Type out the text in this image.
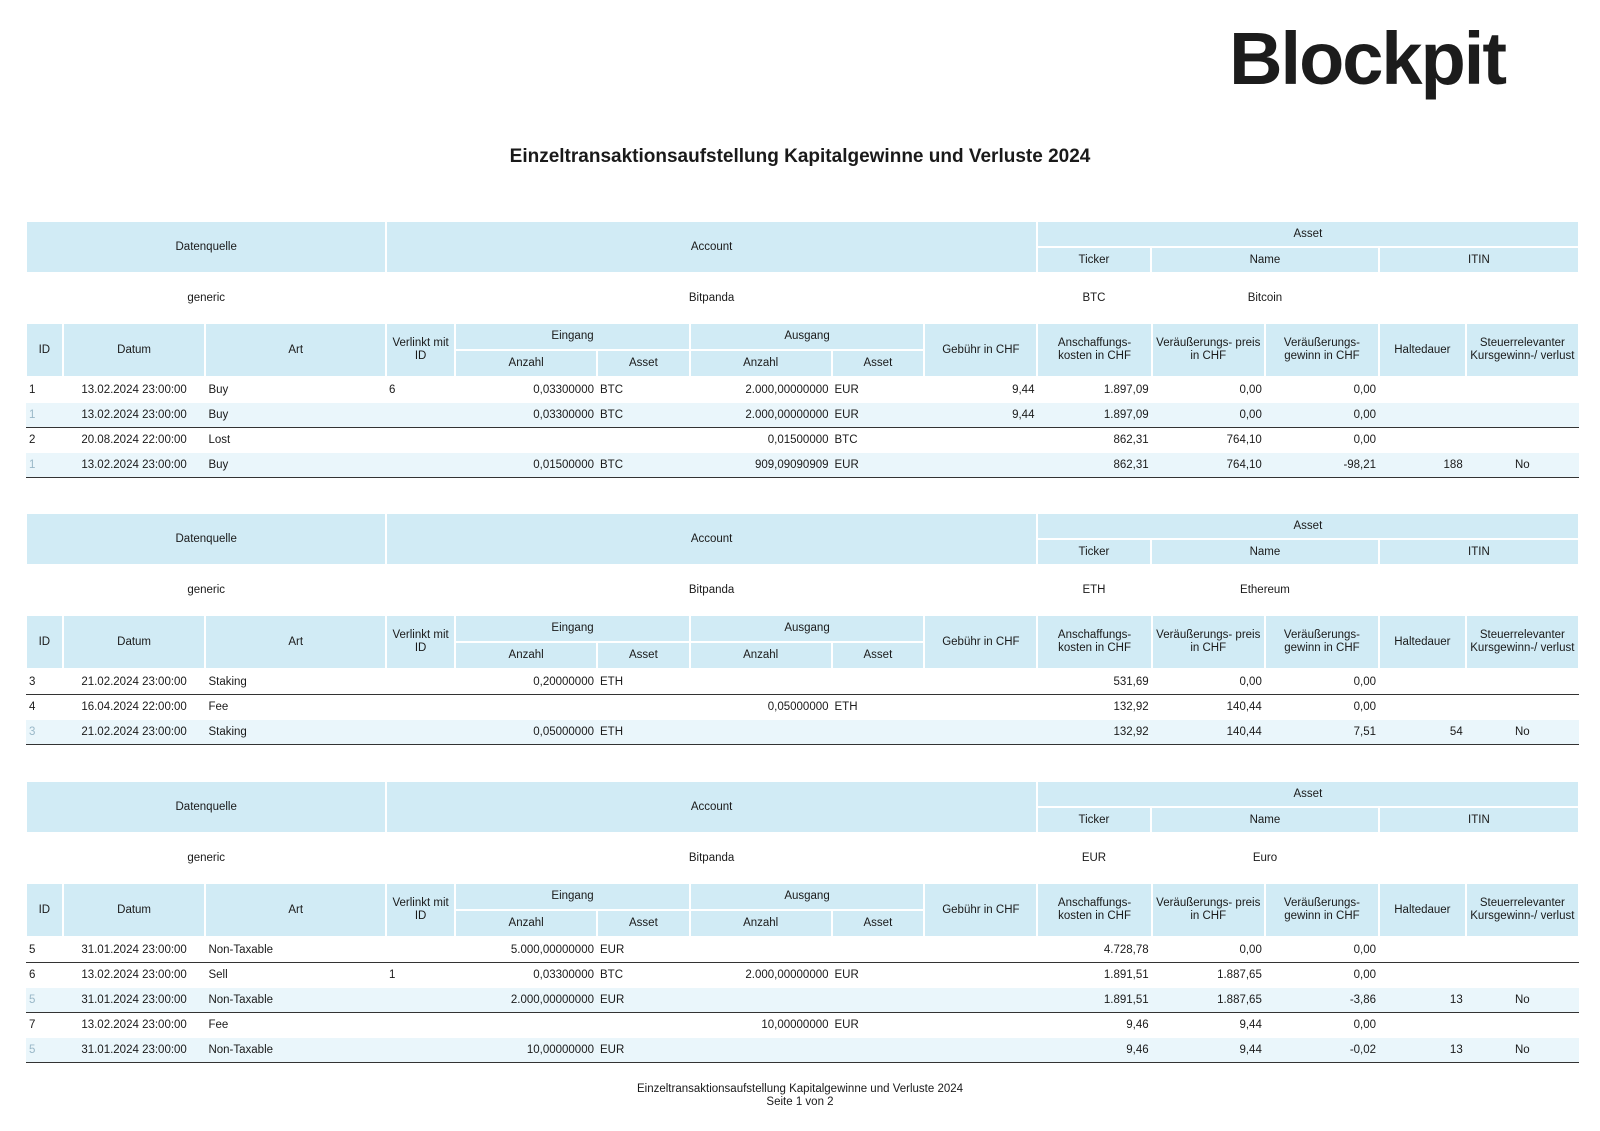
Blockpit
Einzeltransaktionsaufstellung Kapitalgewinne und Verluste 2024
Datenquelle	Account	Asset		
		Ticker	Name	ITIN
generic	Bitpanda	BTC	Bitcoin	
ID	Datum	Art	Verlinkt mit ID	Eingang		Ausgang		Gebühr in CHF	Anschaffungs- kosten in CHF	Veräußerungs- preis in CHF	Veräußerungs- gewinn in CHF	Haltedauer	Steuerrelevanter Kursgewinn-/ verlust
				Anzahl	Asset	Anzahl	Asset						
1	13.02.2024 23:00:00	Buy	6	0,03300000	BTC	2.000,00000000	EUR	9,44	1.897,09	0,00	0,00		
1	13.02.2024 23:00:00	Buy		0,03300000	BTC	2.000,00000000	EUR	9,44	1.897,09	0,00	0,00		
2	20.08.2024 22:00:00	Lost				0,01500000	BTC		862,31	764,10	0,00		
1	13.02.2024 23:00:00	Buy		0,01500000	BTC	909,09090909	EUR		862,31	764,10	-98,21	188	No

Datenquelle	Account	Asset		
		Ticker	Name	ITIN
generic	Bitpanda	ETH	Ethereum	
ID	Datum	Art	Verlinkt mit ID	Eingang		Ausgang		Gebühr in CHF	Anschaffungs- kosten in CHF	Veräußerungs- preis in CHF	Veräußerungs- gewinn in CHF	Haltedauer	Steuerrelevanter Kursgewinn-/ verlust
				Anzahl	Asset	Anzahl	Asset						
3	21.02.2024 23:00:00	Staking		0,20000000	ETH				531,69	0,00	0,00		
4	16.04.2024 22:00:00	Fee				0,05000000	ETH		132,92	140,44	0,00		
3	21.02.2024 23:00:00	Staking		0,05000000	ETH				132,92	140,44	7,51	54	No

Datenquelle	Account	Asset		
		Ticker	Name	ITIN
generic	Bitpanda	EUR	Euro	
ID	Datum	Art	Verlinkt mit ID	Eingang		Ausgang		Gebühr in CHF	Anschaffungs- kosten in CHF	Veräußerungs- preis in CHF	Veräußerungs- gewinn in CHF	Haltedauer	Steuerrelevanter Kursgewinn-/ verlust
				Anzahl	Asset	Anzahl	Asset						
5	31.01.2024 23:00:00	Non-Taxable		5.000,00000000	EUR				4.728,78	0,00	0,00		
6	13.02.2024 23:00:00	Sell	1	0,03300000	BTC	2.000,00000000	EUR		1.891,51	1.887,65	0,00		
5	31.01.2024 23:00:00	Non-Taxable		2.000,00000000	EUR				1.891,51	1.887,65	-3,86	13	No
7	13.02.2024 23:00:00	Fee				10,00000000	EUR		9,46	9,44	0,00		
5	31.01.2024 23:00:00	Non-Taxable		10,00000000	EUR				9,46	9,44	-0,02	13	No

Einzeltransaktionsaufstellung Kapitalgewinne und Verluste 2024
Seite 1 von 2
